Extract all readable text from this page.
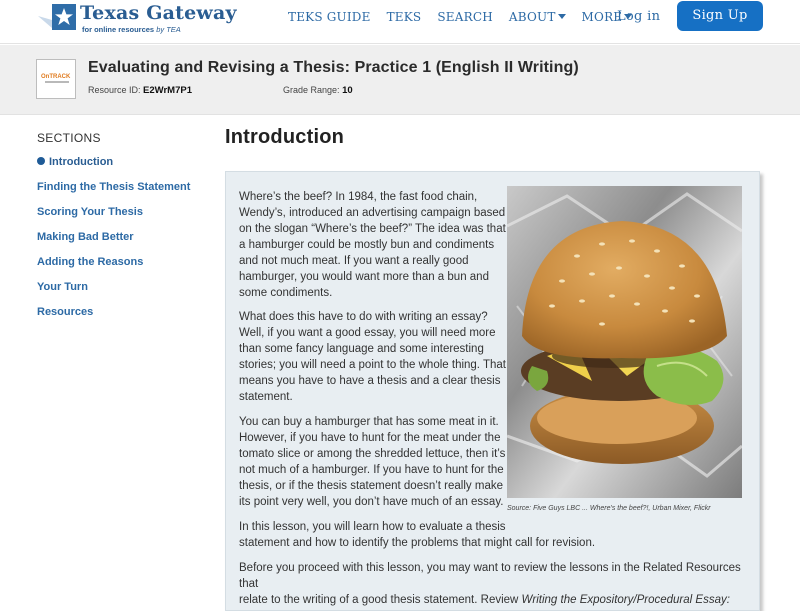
Texas Gateway
for online resources by TEA
TEKS GUIDE TEKS SEARCH ABOUT	MORE
Log in	Sign Up
OnTRACK
Evaluating and Revising a Thesis: Practice 1 (English II Writing)
Resource ID: E2WrM7P1	Grade Range: 10
SECTIONS
Introduction
Finding the Thesis Statement
Scoring Your Thesis
Making Bad Better
Adding the Reasons
Your Turn
Resources
Introduction
Where’s the beef? In 1984, the fast food chain,
Wendy’s, introduced an advertising campaign based
on the slogan “Where’s the beef?” The idea was that
a hamburger could be mostly bun and condiments
and not much meat. If you want a really good
hamburger, you would want more than a bun and
some condiments.
What does this have to do with writing an essay?
Well, if you want a good essay, you will need more
than some fancy language and some interesting
stories; you will need a point to the whole thing. That
means you have to have a thesis and a clear thesis
statement.
You can buy a hamburger that has some meat in it.
However, if you have to hunt for the meat under the
tomato slice or among the shredded lettuce, then it’s
not much of a hamburger. If you have to hunt for the
thesis, or if the thesis statement doesn’t really make
its point very well, you don’t have much of an essay.
In this lesson, you will learn how to evaluate a thesis
statement and how to identify the problems that might call for revision.
Before you proceed with this lesson, you may want to review the lessons in the Related Resources that
relate to the writing of a good thesis statement. Review Writing the Expository/Procedural Essay:
Source: Five Guys LBC ... Where's the beef?!, Urban Mixer, Flickr
